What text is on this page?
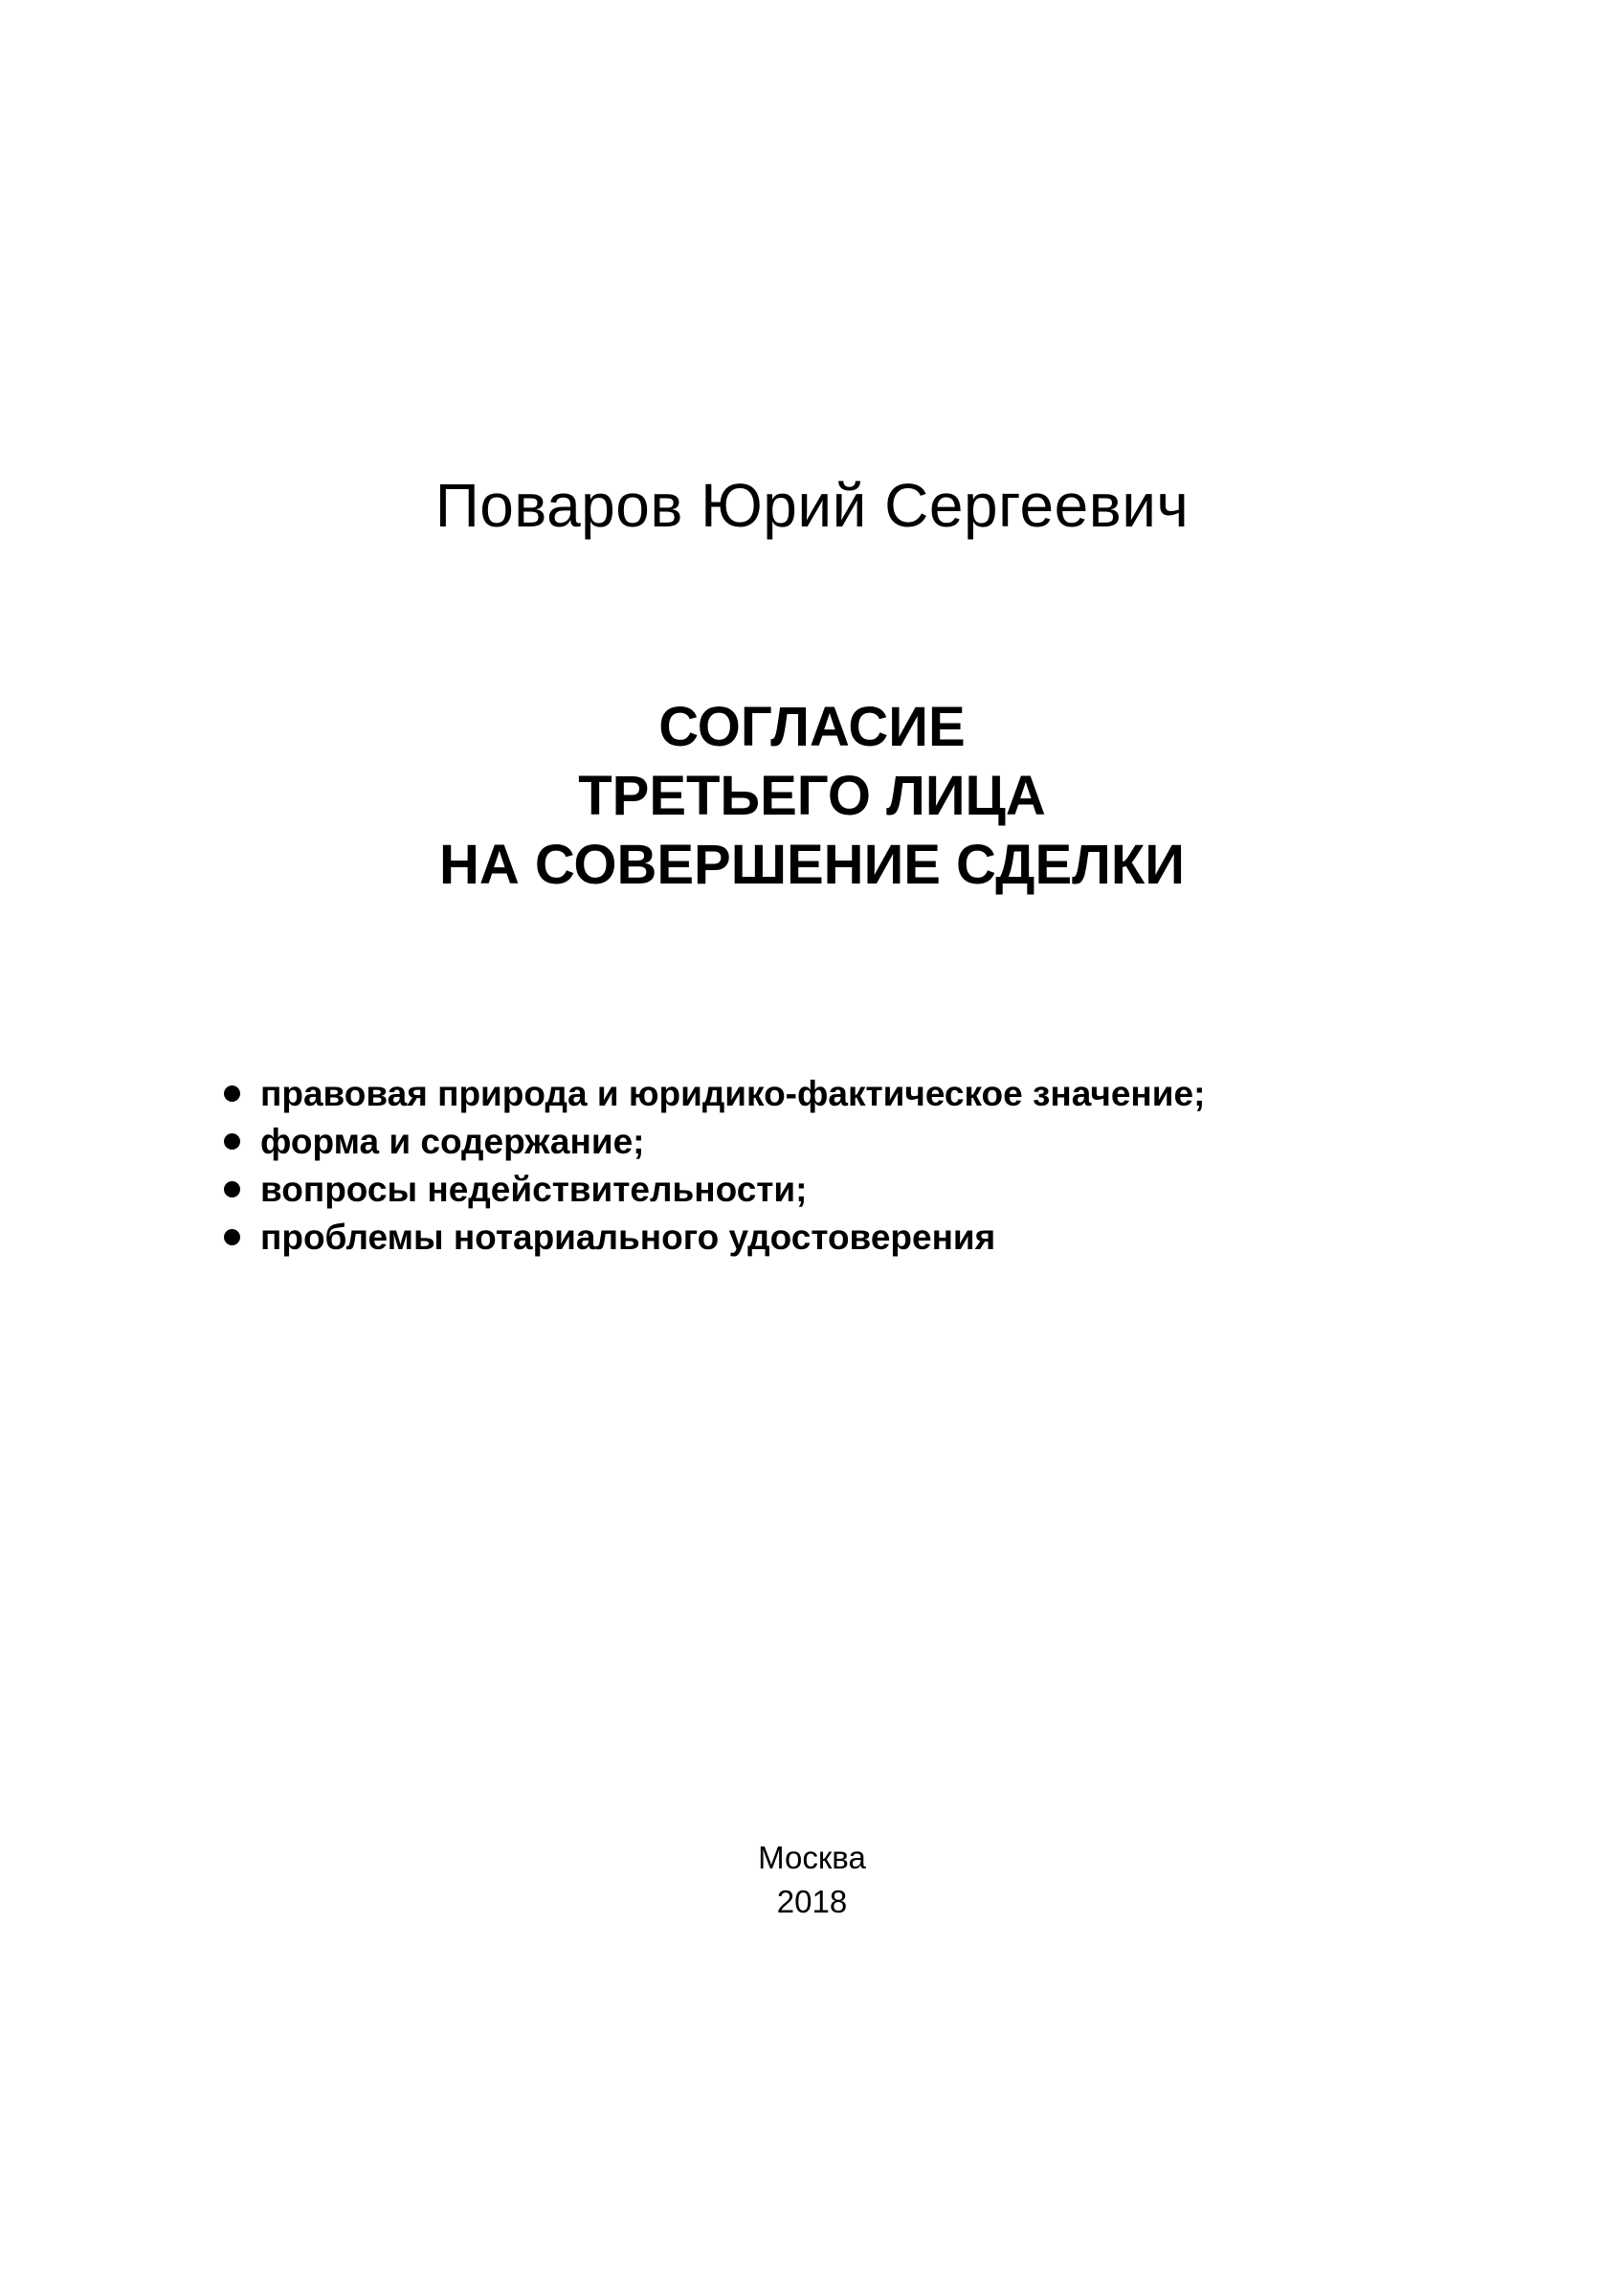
Поваров Юрий Сергеевич

СОГЛАСИЕ
ТРЕТЬЕГО ЛИЦА
НА СОВЕРШЕНИЕ СДЕЛКИ
правовая природа и юридико-фактическое значение;
форма и содержание;
вопросы недействительности;
проблемы нотариального удостоверения

Москва
2018
